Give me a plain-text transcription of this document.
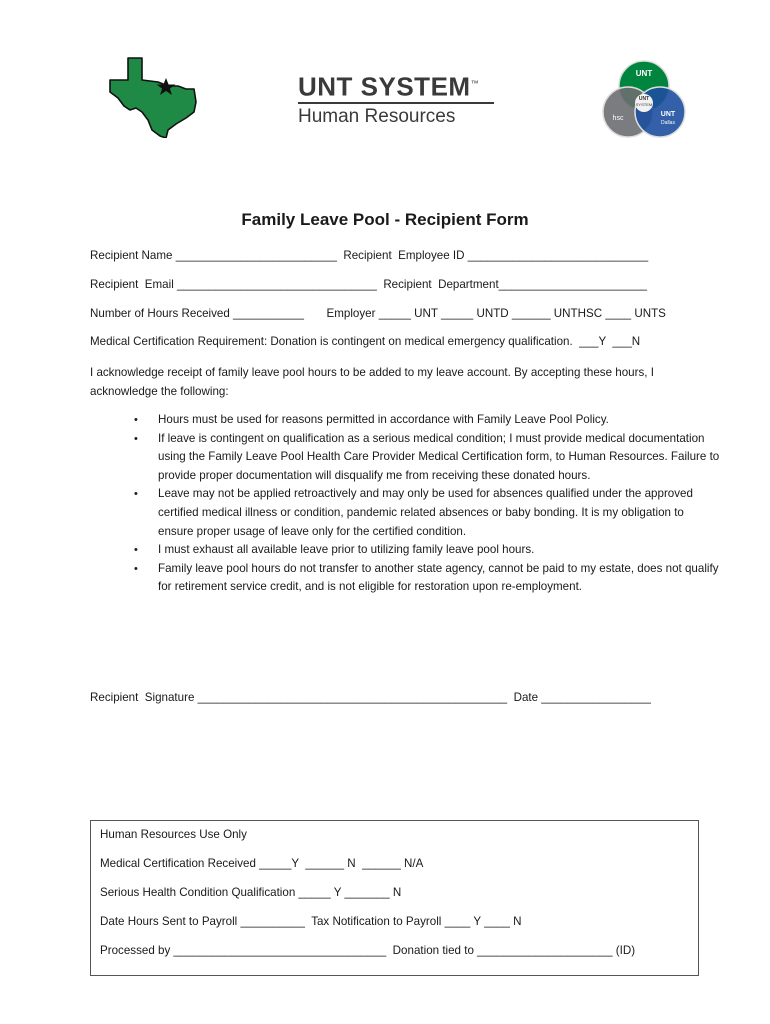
UNT SYSTEM™
Human Resources
UNT
UNT
SYSTEM
hsc
UNT
Dallas
Family Leave Pool - Recipient Form
Recipient Name _________________________  Recipient  Employee ID ____________________________
Recipient  Email _______________________________  Recipient  Department_______________________
Number of Hours Received ___________       Employer _____ UNT _____ UNTD ______ UNTHSC ____ UNTS
Medical Certification Requirement: Donation is contingent on medical emergency qualification.  ___Y  ___N
I acknowledge receipt of family leave pool hours to be added to my leave account. By accepting these hours, I acknowledge the following:
• Hours must be used for reasons permitted in accordance with Family Leave Pool Policy.
• If leave is contingent on qualification as a serious medical condition; I must provide medical documentation using the Family Leave Pool Health Care Provider Medical Certification form, to Human Resources. Failure to provide proper documentation will disqualify me from receiving these donated hours.
• Leave may not be applied retroactively and may only be used for absences qualified under the approved certified medical illness or condition, pandemic related absences or baby bonding. It is my obligation to ensure proper usage of leave only for the certified condition.
• I must exhaust all available leave prior to utilizing family leave pool hours.
• Family leave pool hours do not transfer to another state agency, cannot be paid to my estate, does not qualify for retirement service credit, and is not eligible for restoration upon re-employment.
Recipient  Signature ________________________________________________  Date _________________
Human Resources Use Only
Medical Certification Received _____Y  ______ N  ______ N/A
Serious Health Condition Qualification _____ Y _______ N
Date Hours Sent to Payroll __________  Tax Notification to Payroll ____ Y ____ N
Processed by _________________________________  Donation tied to _____________________ (ID)
